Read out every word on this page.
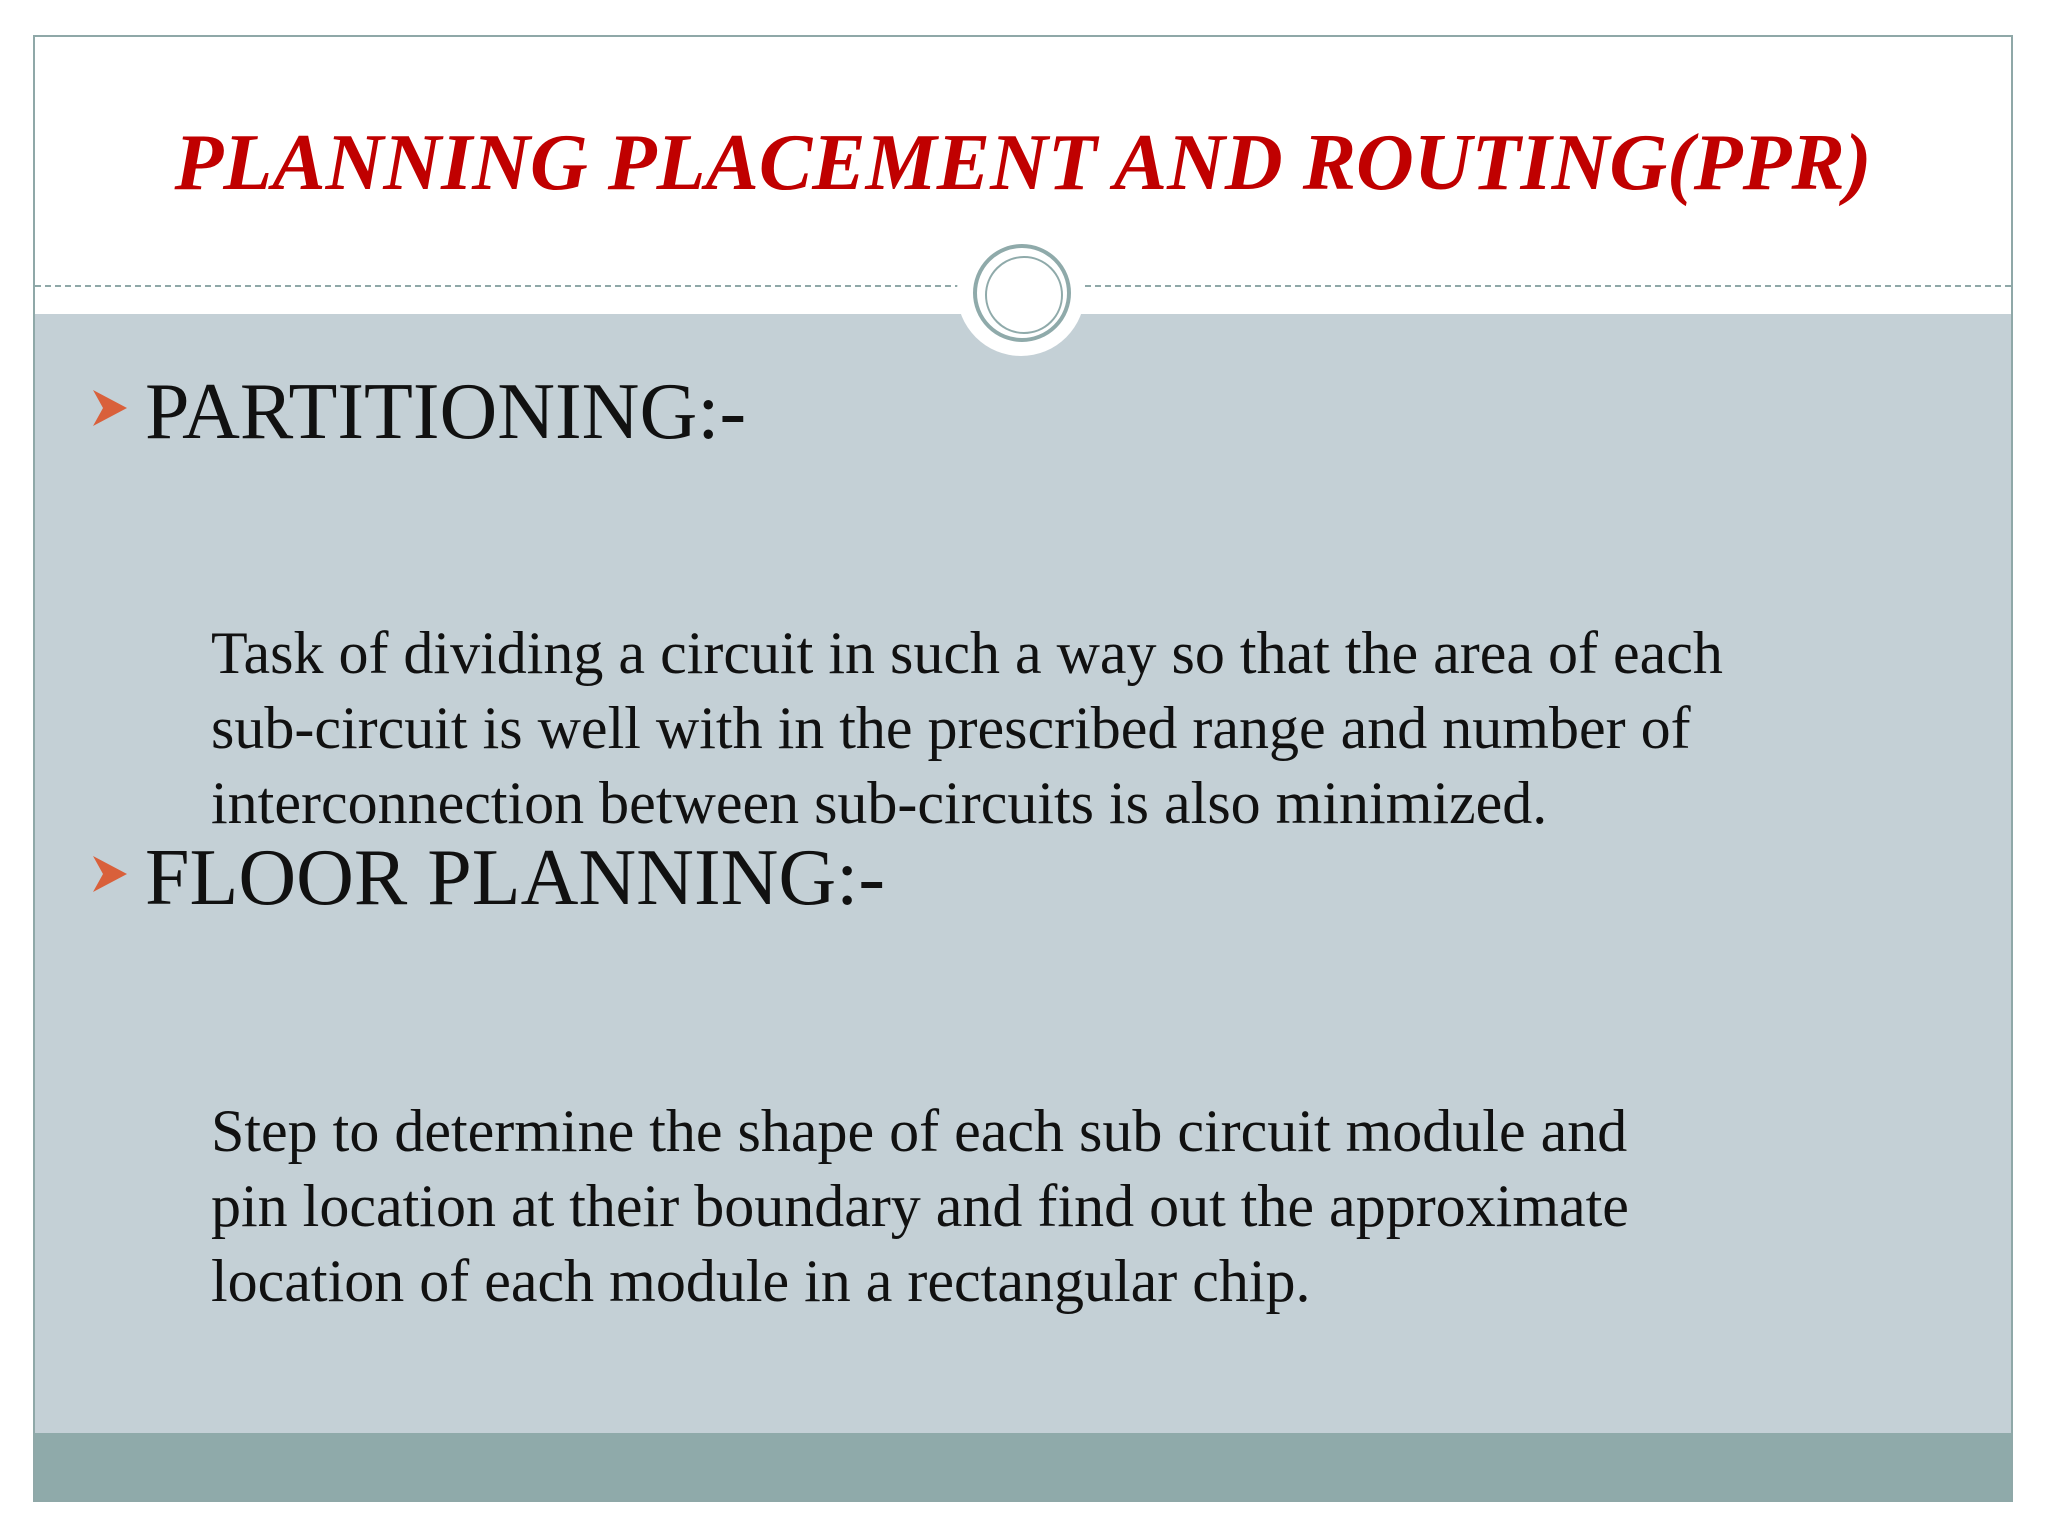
PLANNING PLACEMENT AND ROUTING(PPR)
PARTITIONING:-

Task of dividing a circuit in such a way so that the area of each
sub-circuit is well with in the prescribed range and number of
interconnection between sub-circuits is also minimized.

FLOOR PLANNING:-

Step to determine the shape of each sub circuit module and
pin location at their boundary and find out the approximate
location of each module in a rectangular chip.
